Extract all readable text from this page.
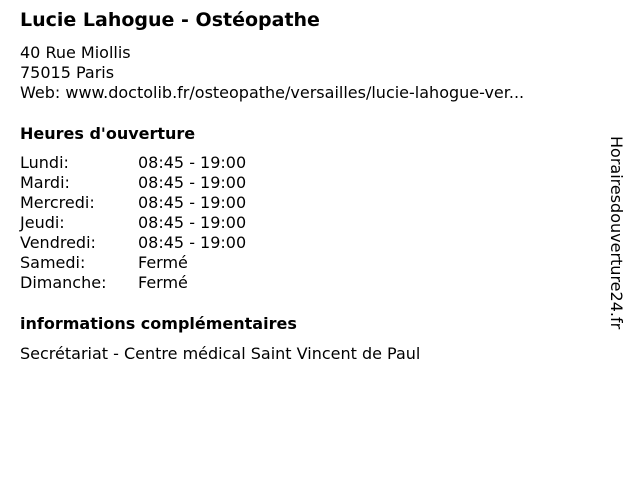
Lucie Lahogue - Ostéopathe
40 Rue Miollis
75015 Paris
Web: www.doctolib.fr/osteopathe/versailles/lucie-lahogue-ver...
Heures d'ouverture
Lundi:	08:45 - 19:00
Mardi:	08:45 - 19:00
Mercredi:	08:45 - 19:00
Jeudi:	08:45 - 19:00
Vendredi:	08:45 - 19:00
Samedi:	Fermé
Dimanche:	Fermé
informations complémentaires
Secrétariat - Centre médical Saint Vincent de Paul
Horairesdouverture24.fr
